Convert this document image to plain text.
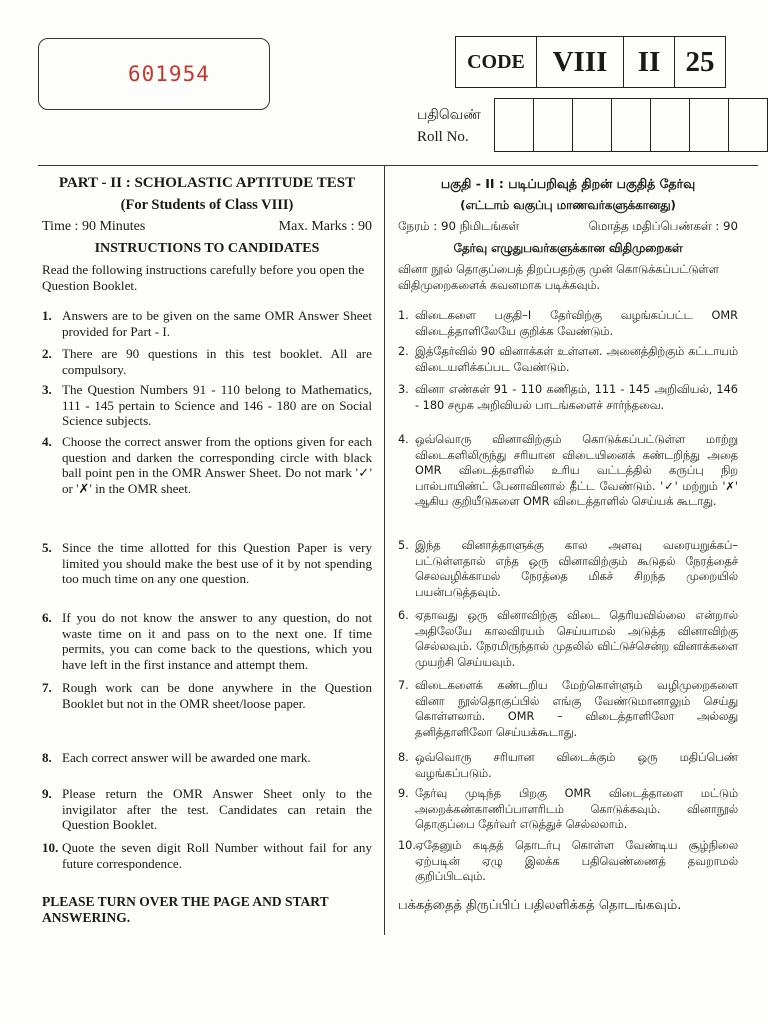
601954
CODE VIII	II 25
பதிவெண்
Roll No.
PART - II : SCHOLASTIC APTITUDE TEST
(For Students of Class VIII)
Time : 90 Minutes	Max. Marks : 90
INSTRUCTIONS TO CANDIDATES
Read the following instructions carefully before you open the Question Booklet.
1. Answers are to be given on the same OMR Answer Sheet provided for Part - I.
2. There are 90 questions in this test booklet. All are compulsory.
3. The Question Numbers 91 - 110 belong to Mathematics, 111 - 145 pertain to Science and 146 - 180 are on Social Science subjects.
4. Choose the correct answer from the options given for each question and darken the corresponding circle with black ball point pen in the OMR Answer Sheet. Do not mark '✓' or '✗' in the OMR sheet.
5. Since the time allotted for this Question Paper is very limited you should make the best use of it by not spending too much time on any one question.
6. If you do not know the answer to any question, do not waste time on it and pass on to the next one. If time permits, you can come back to the questions, which you have left in the first instance and attempt them.
7. Rough work can be done anywhere in the Question Booklet but not in the OMR sheet/loose paper.
8. Each correct answer will be awarded one mark.
9. Please return the OMR Answer Sheet only to the invigilator after the test. Candidates can retain the Question Booklet.
10. Quote the seven digit Roll Number without fail for any future correspondence.
PLEASE TURN OVER THE PAGE AND START ANSWERING.
பகுதி - II : படிப்பறிவுத் திறன் பகுதித் தேர்வு
(எட்டாம் வகுப்பு மாணவர்களுக்கானது)
நேரம் : 90 நிமிடங்கள்	மொத்த மதிப்பெண்கள் : 90
தேர்வு எழுதுபவர்களுக்கான விதிமுறைகள்
வினா நூல் தொகுப்பைத் திறப்பதற்கு முன் கொடுக்கப்பட்டுள்ள விதிமுறைகளைக் கவனமாக படிக்கவும்.
1. விடைகளை பகுதி–I தேர்விற்கு வழங்கப்பட்ட OMR விடைத்தாளிலேயே குறிக்க வேண்டும்.
2. இத்தேர்வில் 90 வினாக்கள் உள்ளன. அனைத்திற்கும் கட்டாயம் விடையளிக்கப்பட வேண்டும்.
3. வினா எண்கள் 91 - 110 கணிதம், 111 - 145 அறிவியல், 146 - 180 சமூக அறிவியல் பாடங்களைச் சார்ந்தவை.
4. ஒவ்வொரு வினாவிற்கும் கொடுக்கப்பட்டுள்ள மாற்று விடைகளிலிருந்து சரியான விடையினைக் கண்டறிந்து அதை OMR விடைத்தாளில் உரிய வட்டத்தில் கருப்பு நிற பால்பாயிண்ட் பேனாவினால் தீட்ட வேண்டும். '✓' மற்றும் '✗' ஆகிய குறியீடுகளை OMR விடைத்தாளில் செய்யக் கூடாது.
5. இந்த வினாத்தாளுக்கு கால அளவு வரையறுக்கப்–பட்டுள்ளதால் எந்த ஒரு வினாவிற்கும் கூடுதல் நேரத்தைச் செலவழிக்காமல் நேரத்தை மிகச் சிறந்த முறையில் பயன்படுத்தவும்.
6. ஏதாவது ஒரு வினாவிற்கு விடை தெரியவில்லை என்றால் அதிலேயே காலவிரயம் செய்யாமல் அடுத்த வினாவிற்கு செல்லவும். நேரமிருந்தால் முதலில் விட்டுச்சென்ற வினாக்களை முயற்சி செய்யவும்.
7. விடைகளைக் கண்டறிய மேற்கொள்ளும் வழிமுறைகளை வினா நூல்தொகுப்பில் எங்கு வேண்டுமானாலும் செய்து கொள்ளலாம். OMR – விடைத்தாளிலோ அல்லது தனித்தாளிலோ செய்யக்கூடாது.
8. ஒவ்வொரு சரியான விடைக்கும் ஒரு மதிப்பெண் வழங்கப்படும்.
9. தேர்வு முடிந்த பிறகு OMR விடைத்தாளை மட்டும் அறைக்கண்காணிப்பாளரிடம் கொடுக்கவும். வினாநூல் தொகுப்பை தேர்வர் எடுத்துச் செல்லலாம்.
10. ஏதேனும் கடிதத் தொடர்பு கொள்ள வேண்டிய சூழ்நிலை ஏற்படின் ஏழு இலக்க பதிவெண்ணைத் தவறாமல் குறிப்பிடவும்.
பக்கத்தைத் திருப்பிப் பதிலளிக்கத் தொடங்கவும்.
